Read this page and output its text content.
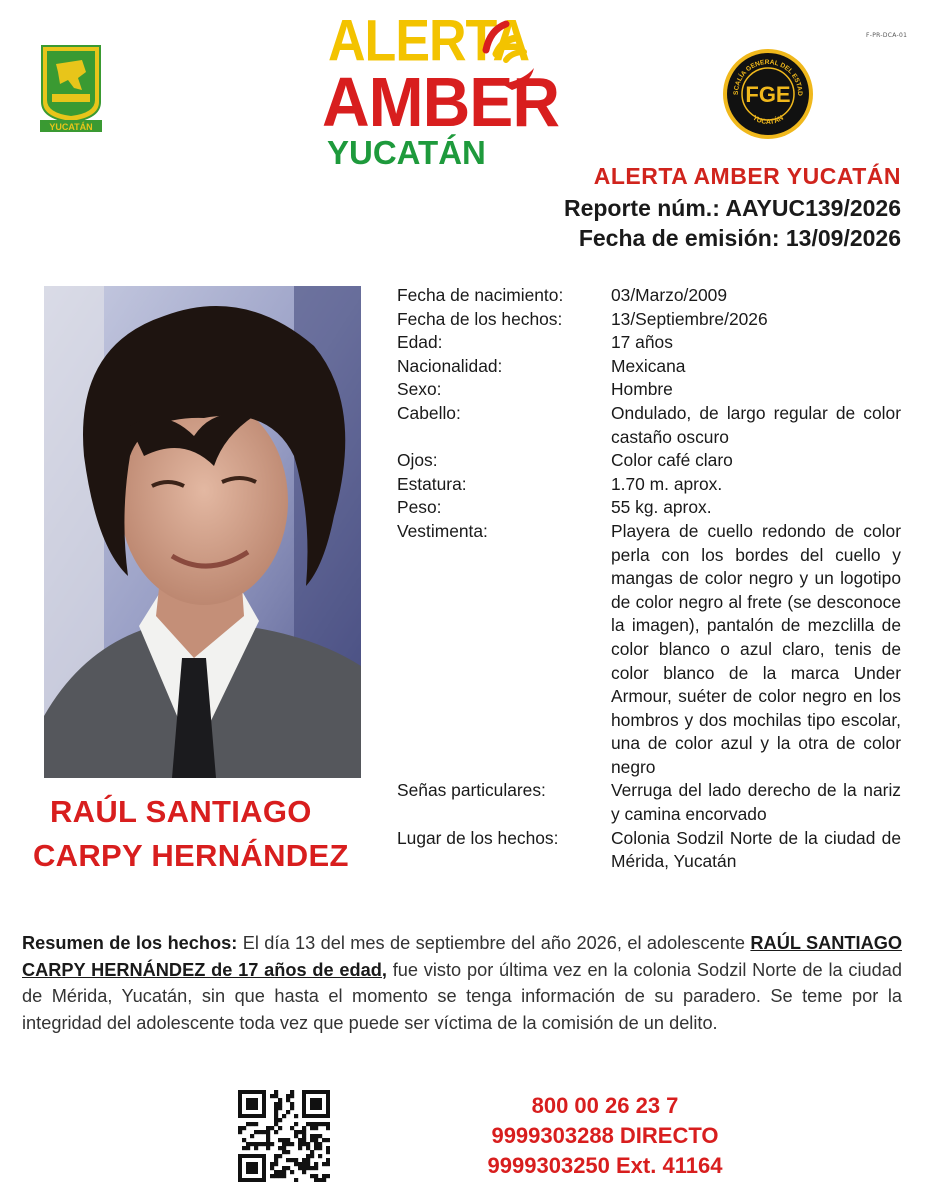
F-PR-DCA-01
YUCATÁN
ALERTA
AMBER
YUCATÁN
SCALÍA GENERAL DEL ESTAD
YUCATÁN
FGE
ALERTA AMBER YUCATÁN
Reporte núm.: AAYUC139/2026
Fecha de emisión: 13/09/2026
RAÚL SANTIAGO
CARPY HERNÁNDEZ
Fecha de nacimiento:	03/Marzo/2009
Fecha de los hechos:	13/Septiembre/2026
Edad:	17 años
Nacionalidad:	Mexicana
Sexo:	Hombre
Cabello:	Ondulado, de largo regular de color castaño oscuro
Ojos:	Color café claro
Estatura:	1.70 m. aprox.
Peso:	55 kg. aprox.
Vestimenta:	Playera de cuello redondo de color perla con los bordes del cuello y mangas de color negro y un logotipo de color negro al frete (se desconoce la imagen), pantalón de mezclilla de color blanco o azul claro, tenis de color blanco de la marca Under Armour, suéter de color negro en los hombros y dos mochilas tipo escolar, una de color azul y la otra de color negro
Señas particulares:	Verruga del lado derecho de la nariz y camina encorvado
Lugar de los hechos:	Colonia Sodzil Norte de la ciudad de Mérida, Yucatán
Resumen de los hechos: El día 13 del mes de septiembre del año 2026, el adolescente RAÚL SANTIAGO CARPY HERNÁNDEZ de 17 años de edad, fue visto por última vez en la colonia Sodzil Norte de la ciudad de Mérida, Yucatán, sin que hasta el momento se tenga información de su paradero. Se teme por la integridad del adolescente toda vez que puede ser víctima de la comisión de un delito.
800 00 26 23 7
9999303288 DIRECTO
9999303250 Ext. 41164
